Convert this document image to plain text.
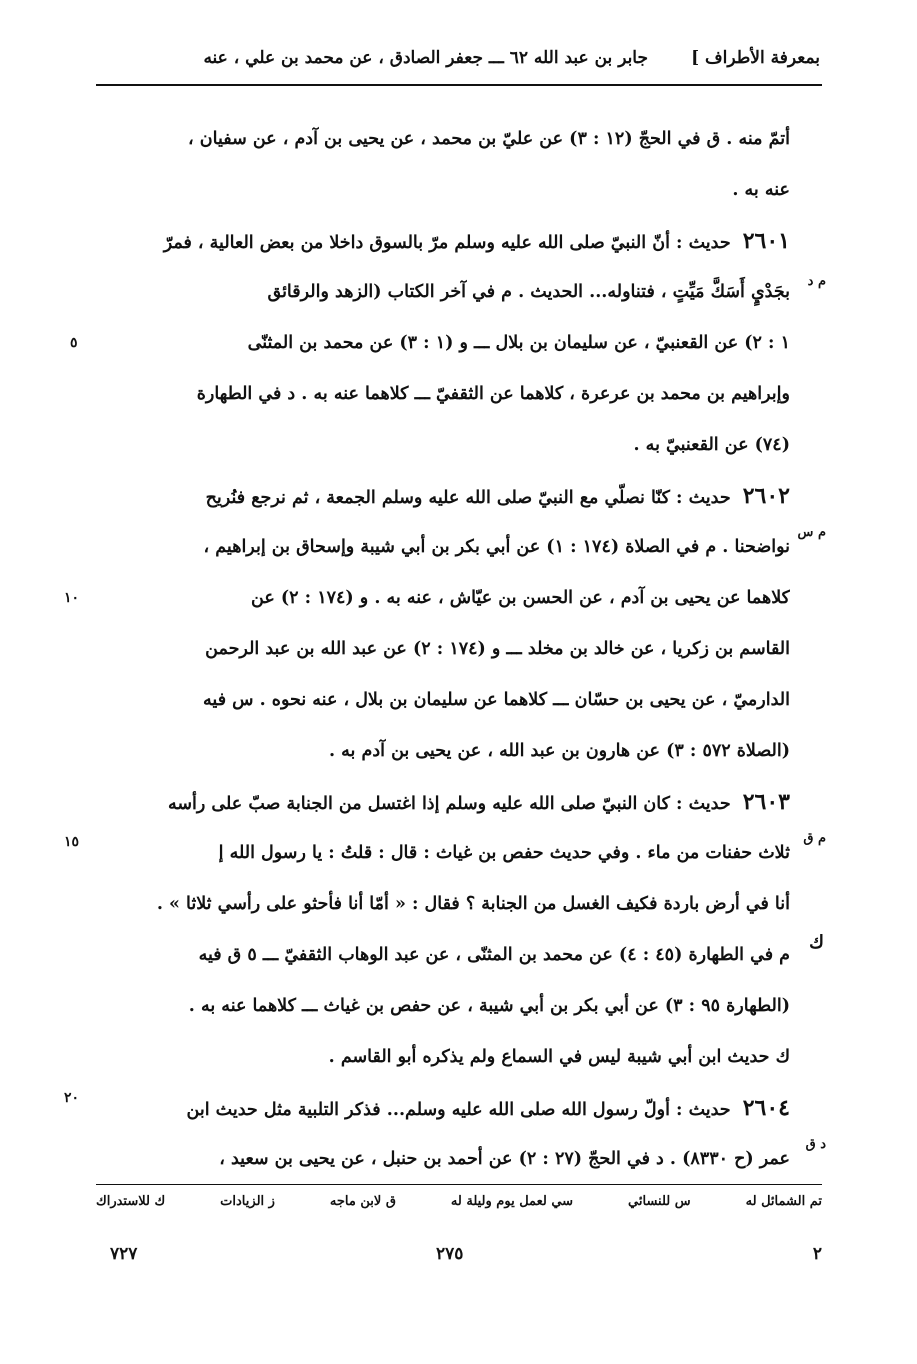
بمعرفة الأطراف ]
جابر بن عبد الله ٦٢ ـــ جعفر الصادق ، عن محمد بن علي ، عنه
أتمّ منه . ق في الحجّ (١٢ : ٣) عن عليّ بن محمد ، عن يحيى بن آدم ، عن سفيان ،
عنه به .
٢٦٠١ حديث : أنّ النبيّ صلى الله عليه وسلم مرّ بالسوق داخلا من بعض العالية ، فمرّ
بجَدْيٍ أَسَكَّ مَيِّتٍ ، فتناوله... الحديث . م في آخر الكتاب (الزهد والرقائق
١ : ٢) عن القعنبيّ ، عن سليمان بن بلال ـــ و (١ : ٣) عن محمد بن المثنّى
وإبراهيم بن محمد بن عرعرة ، كلاهما عن الثقفيّ ـــ كلاهما عنه به . د في الطهارة
(٧٤) عن القعنبيّ به .
م د
٥
٢٦٠٢ حديث : كنّا نصلّي مع النبيّ صلى الله عليه وسلم الجمعة ، ثم نرجع فنُريح
نواضحنا . م في الصلاة (١٧٤ : ١) عن أبي بكر بن أبي شيبة وإسحاق بن إبراهيم ،
كلاهما عن يحيى بن آدم ، عن الحسن بن عيّاش ، عنه به . و (١٧٤ : ٢) عن
القاسم بن زكريا ، عن خالد بن مخلد ـــ و (١٧٤ : ٢) عن عبد الله بن عبد الرحمن
الدارميّ ، عن يحيى بن حسّان ـــ كلاهما عن سليمان بن بلال ، عنه نحوه . س فيه
(الصلاة ٥٧٢ : ٣) عن هارون بن عبد الله ، عن يحيى بن آدم به .
م س
١٠
٢٦٠٣ حديث : كان النبيّ صلى الله عليه وسلم إذا اغتسل من الجنابة صبّ على رأسه
ثلاث حفنات من ماء . وفي حديث حفص بن غياث : قال : قلتُ : يا رسول الله إ
أنا في أرض باردة فكيف الغسل من الجنابة ؟ فقال : « أمّا أنا فأحثو على رأسي ثلاثا » .
م في الطهارة (٤٥ : ٤) عن محمد بن المثنّى ، عن عبد الوهاب الثقفيّ ـــ ٥ ق فيه
(الطهارة ٩٥ : ٣) عن أبي بكر بن أبي شيبة ، عن حفص بن غياث ـــ كلاهما عنه به .
ك حديث ابن أبي شيبة ليس في السماع ولم يذكره أبو القاسم .
م ق
ك
١٥
٢٦٠٤ حديث : أولّ رسول الله صلى الله عليه وسلم... فذكر التلبية مثل حديث ابن
عمر (ح ٨٣٣٠) . د في الحجّ (٢٧ : ٢) عن أحمد بن حنبل ، عن يحيى بن سعيد ،
د ق
٢٠
تم الشمائل له
س للنسائي
سي لعمل يوم وليلة له
ق لابن ماجه
ز الزيادات
ك للاستدراك
٢
٢٧٥
٧٢٧
